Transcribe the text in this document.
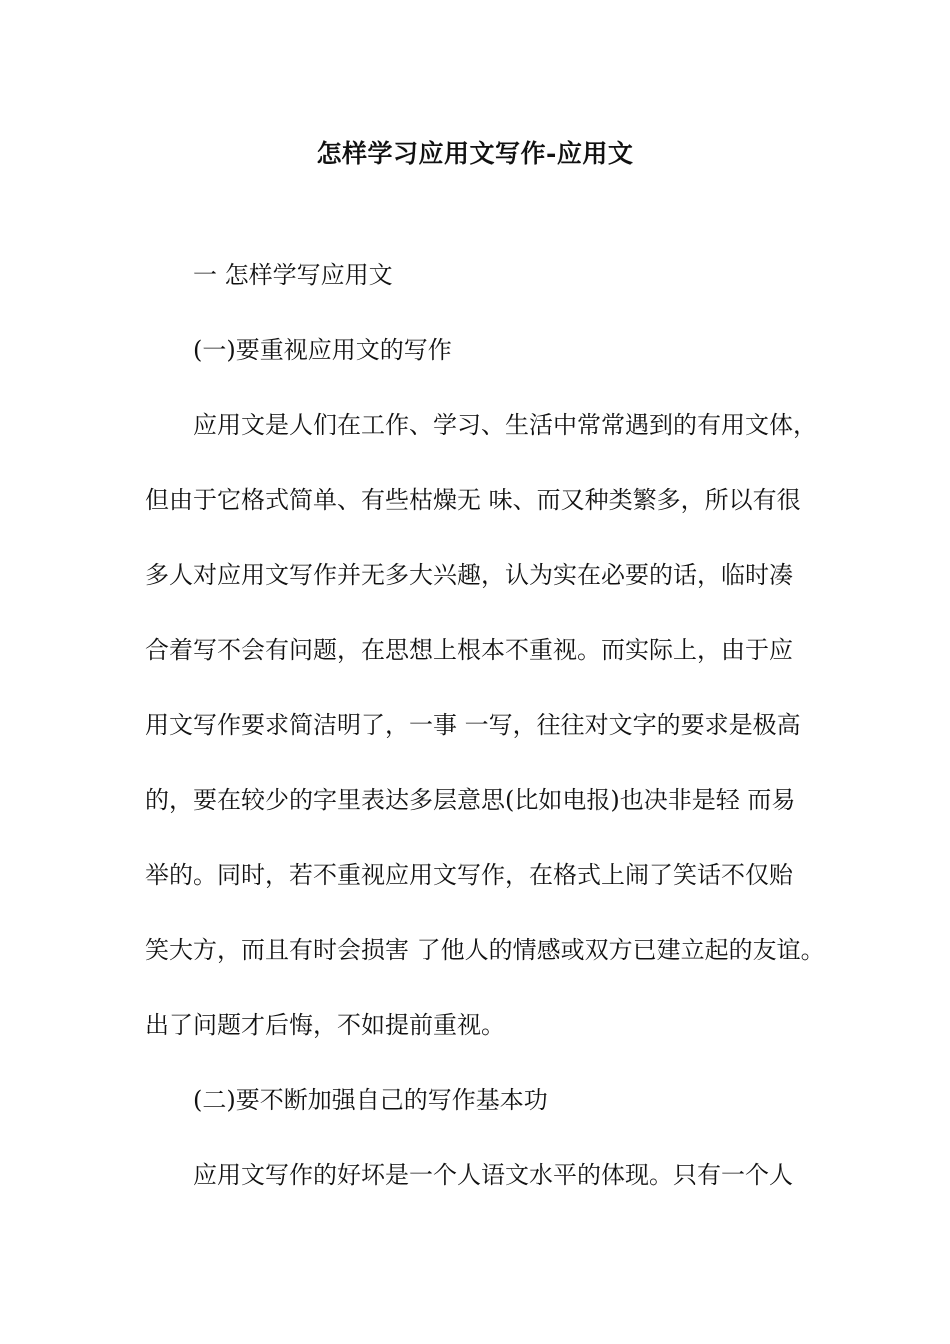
怎样学习应用文写作-应用文
一 怎样学写应用文
(一)要重视应用文的写作
应用文是人们在工作、学习、生活中常常遇到的有用文体，
但由于它格式简单、有些枯燥无 味、而又种类繁多，所以有很
多人对应用文写作并无多大兴趣，认为实在必要的话，临时凑
合着写不会有问题，在思想上根本不重视。而实际上，由于应
用文写作要求简洁明了，一事 一写，往往对文字的要求是极高
的，要在较少的字里表达多层意思(比如电报)也决非是轻 而易
举的。同时，若不重视应用文写作，在格式上闹了笑话不仅贻
笑大方，而且有时会损害 了他人的情感或双方已建立起的友谊。
出了问题才后悔，不如提前重视。
(二)要不断加强自己的写作基本功
应用文写作的好坏是一个人语文水平的体现。只有一个人
